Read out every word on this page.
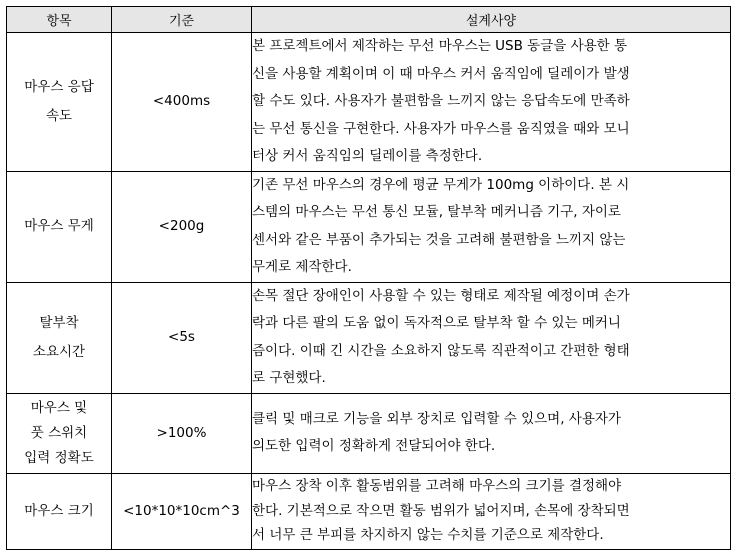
항목	기준	설계사양

마우스 응답
속도	<400ms	본 프로젝트에서 제작하는 무선 마우스는 USB 동글을 사용한 통
신을 사용할 계획이며 이 때 마우스 커서 움직임에 딜레이가 발생
할 수도 있다. 사용자가 불편함을 느끼지 않는 응답속도에 만족하
는 무선 통신을 구현한다. 사용자가 마우스를 움직였을 때와 모니
터상 커서 움직임의 딜레이를 측정한다.

마우스 무게	<200g	기존 무선 마우스의 경우에 평균 무게가 100mg 이하이다. 본 시
스템의 마우스는 무선 통신 모듈, 탈부착 메커니즘 기구, 자이로
센서와 같은 부품이 추가되는 것을 고려해 불편함을 느끼지 않는
무게로 제작한다.

탈부착
소요시간	<5s	손목 절단 장애인이 사용할 수 있는 형태로 제작될 예정이며 손가
락과 다른 팔의 도움 없이 독자적으로 탈부착 할 수 있는 메커니
즘이다. 이때 긴 시간을 소요하지 않도록 직관적이고 간편한 형태
로 구현했다.

마우스 및
풋 스위치
입력 정확도	>100%	클릭 및 매크로 기능을 외부 장치로 입력할 수 있으며, 사용자가
의도한 입력이 정확하게 전달되어야 한다.

마우스 크기	<10*10*10cm^3	마우스 장착 이후 활동범위를 고려해 마우스의 크기를 결정해야
한다. 기본적으로 작으면 활동 범위가 넓어지며, 손목에 장착되면
서 너무 큰 부피를 차지하지 않는 수치를 기준으로 제작한다.
